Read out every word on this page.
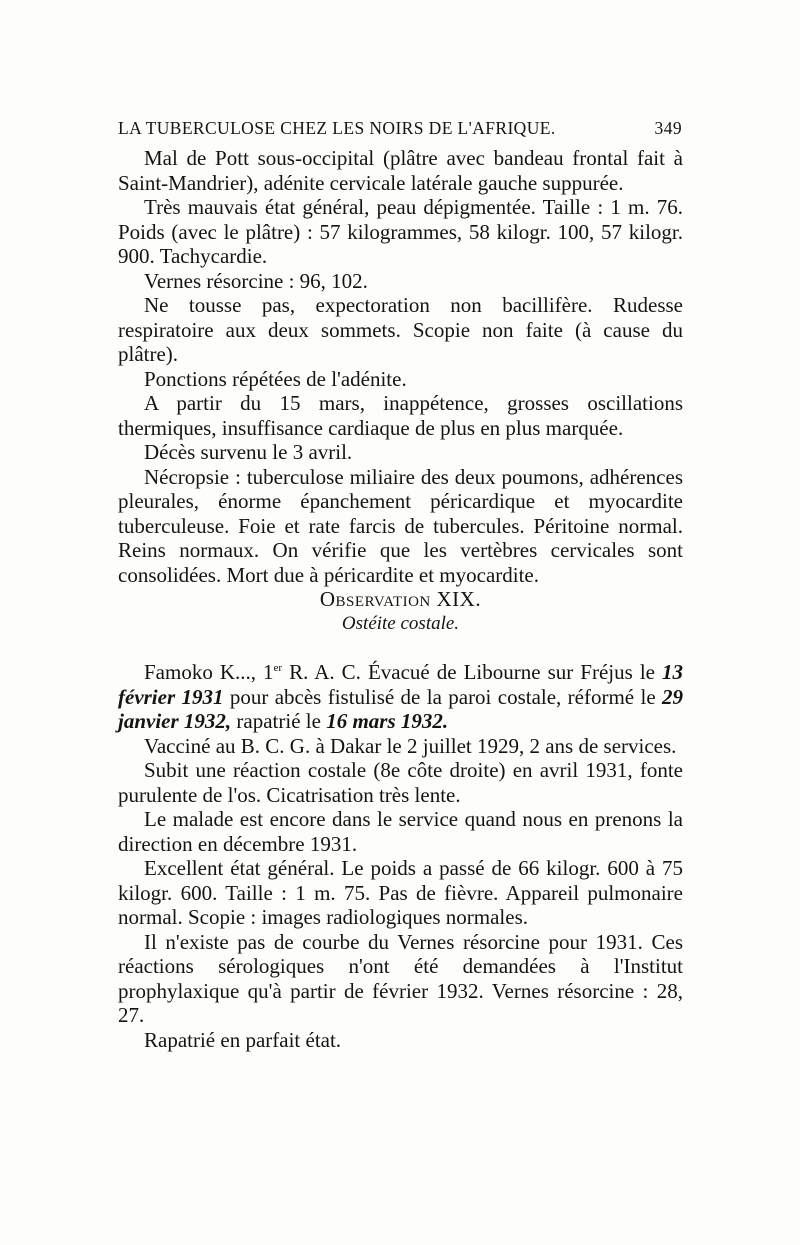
LA TUBERCULOSE CHEZ LES NOIRS DE L'AFRIQUE.	349

Mal de Pott sous-occipital (plâtre avec bandeau frontal fait à Saint-Mandrier), adénite cervicale latérale gauche suppurée.

Très mauvais état général, peau dépigmentée. Taille : 1 m. 76. Poids (avec le plâtre) : 57 kilogrammes, 58 kilogr. 100, 57 kilogr. 900. Tachycardie.

Vernes résorcine : 96, 102.

Ne tousse pas, expectoration non bacillifère. Rudesse respiratoire aux deux sommets. Scopie non faite (à cause du plâtre).

Ponctions répétées de l'adénite.

A partir du 15 mars, inappétence, grosses oscillations thermiques, insuffisance cardiaque de plus en plus marquée.

Décès survenu le 3 avril.

Nécropsie : tuberculose miliaire des deux poumons, adhérences pleurales, énorme épanchement péricardique et myocardite tuberculeuse. Foie et rate farcis de tubercules. Péritoine normal. Reins normaux. On vérifie que les vertèbres cervicales sont consolidées. Mort due à péricardite et myocardite.

Observation XIX.

Ostéite costale.

Famoko K..., 1er R. A. C. Évacué de Libourne sur Fréjus le 13 février 1931 pour abcès fistulisé de la paroi costale, réformé le 29 janvier 1932, rapatrié le 16 mars 1932.

Vacciné au B. C. G. à Dakar le 2 juillet 1929, 2 ans de services.

Subit une réaction costale (8e côte droite) en avril 1931, fonte purulente de l'os. Cicatrisation très lente.

Le malade est encore dans le service quand nous en prenons la direction en décembre 1931.

Excellent état général. Le poids a passé de 66 kilogr. 600 à 75 kilogr. 600. Taille : 1 m. 75. Pas de fièvre. Appareil pulmonaire normal. Scopie : images radiologiques normales.

Il n'existe pas de courbe du Vernes résorcine pour 1931. Ces réactions sérologiques n'ont été demandées à l'Institut prophylaxique qu'à partir de février 1932. Vernes résorcine : 28, 27.

Rapatrié en parfait état.
